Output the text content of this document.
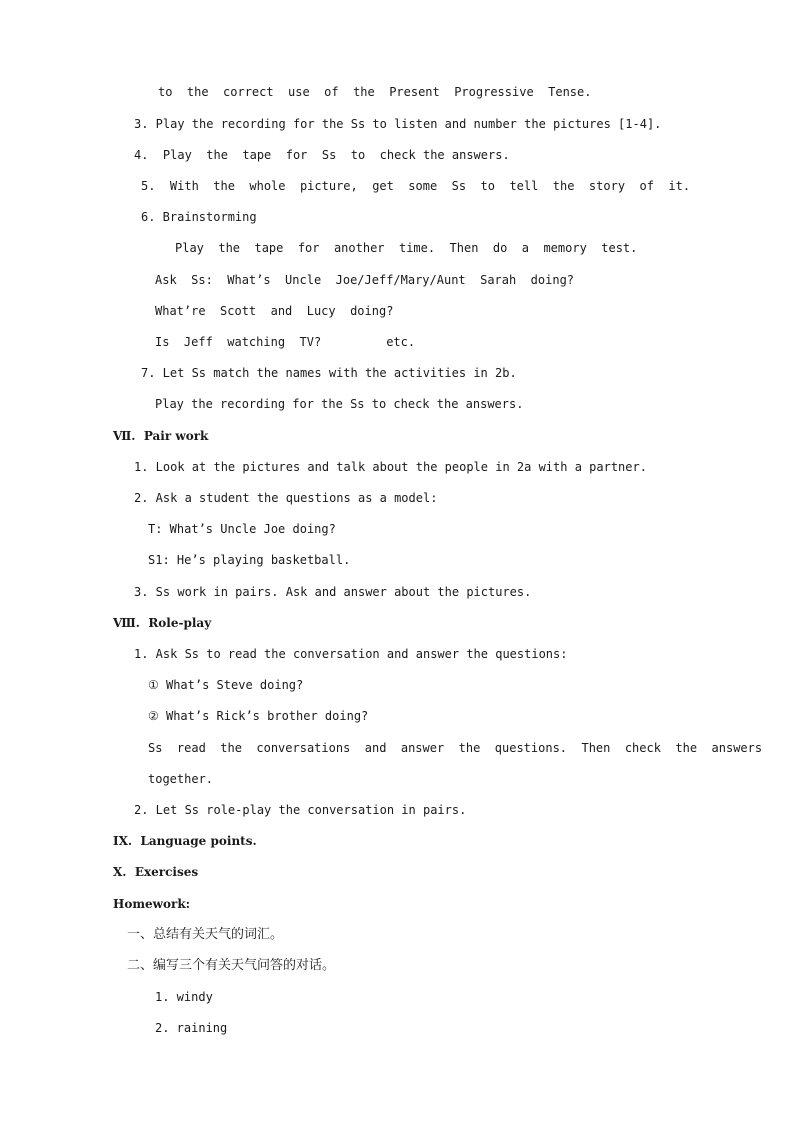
to  the  correct  use  of  the  Present  Progressive  Tense.
3. Play the recording for the Ss to listen and number the pictures [1-4].
4.  Play  the  tape  for  Ss  to  check the answers.
5.  With  the  whole  picture,  get  some  Ss  to  tell  the  story  of  it.
6. Brainstorming
Play  the  tape  for  another  time.  Then  do  a  memory  test.
Ask  Ss:  What’s  Uncle  Joe/Jeff/Mary/Aunt  Sarah  doing?
What’re  Scott  and  Lucy  doing?
Is  Jeff  watching  TV?         etc.
7. Let Ss match the names with the activities in 2b.
Play the recording for the Ss to check the answers.
Ⅶ.  Pair work
1. Look at the pictures and talk about the people in 2a with a partner.
2. Ask a student the questions as a model:
T: What’s Uncle Joe doing?
S1: He’s playing basketball.
3. Ss work in pairs. Ask and answer about the pictures.
Ⅷ.  Role-play
1. Ask Ss to read the conversation and answer the questions:
① What’s Steve doing?
② What’s Rick’s brother doing?
Ss  read  the  conversations  and  answer  the  questions.  Then  check  the  answers
together.
2. Let Ss role-play the conversation in pairs.
IX.  Language points.
X.  Exercises
Homework:
一、总结有关天气的词汇。
二、编写三个有关天气问答的对话。
1. windy
2. raining
